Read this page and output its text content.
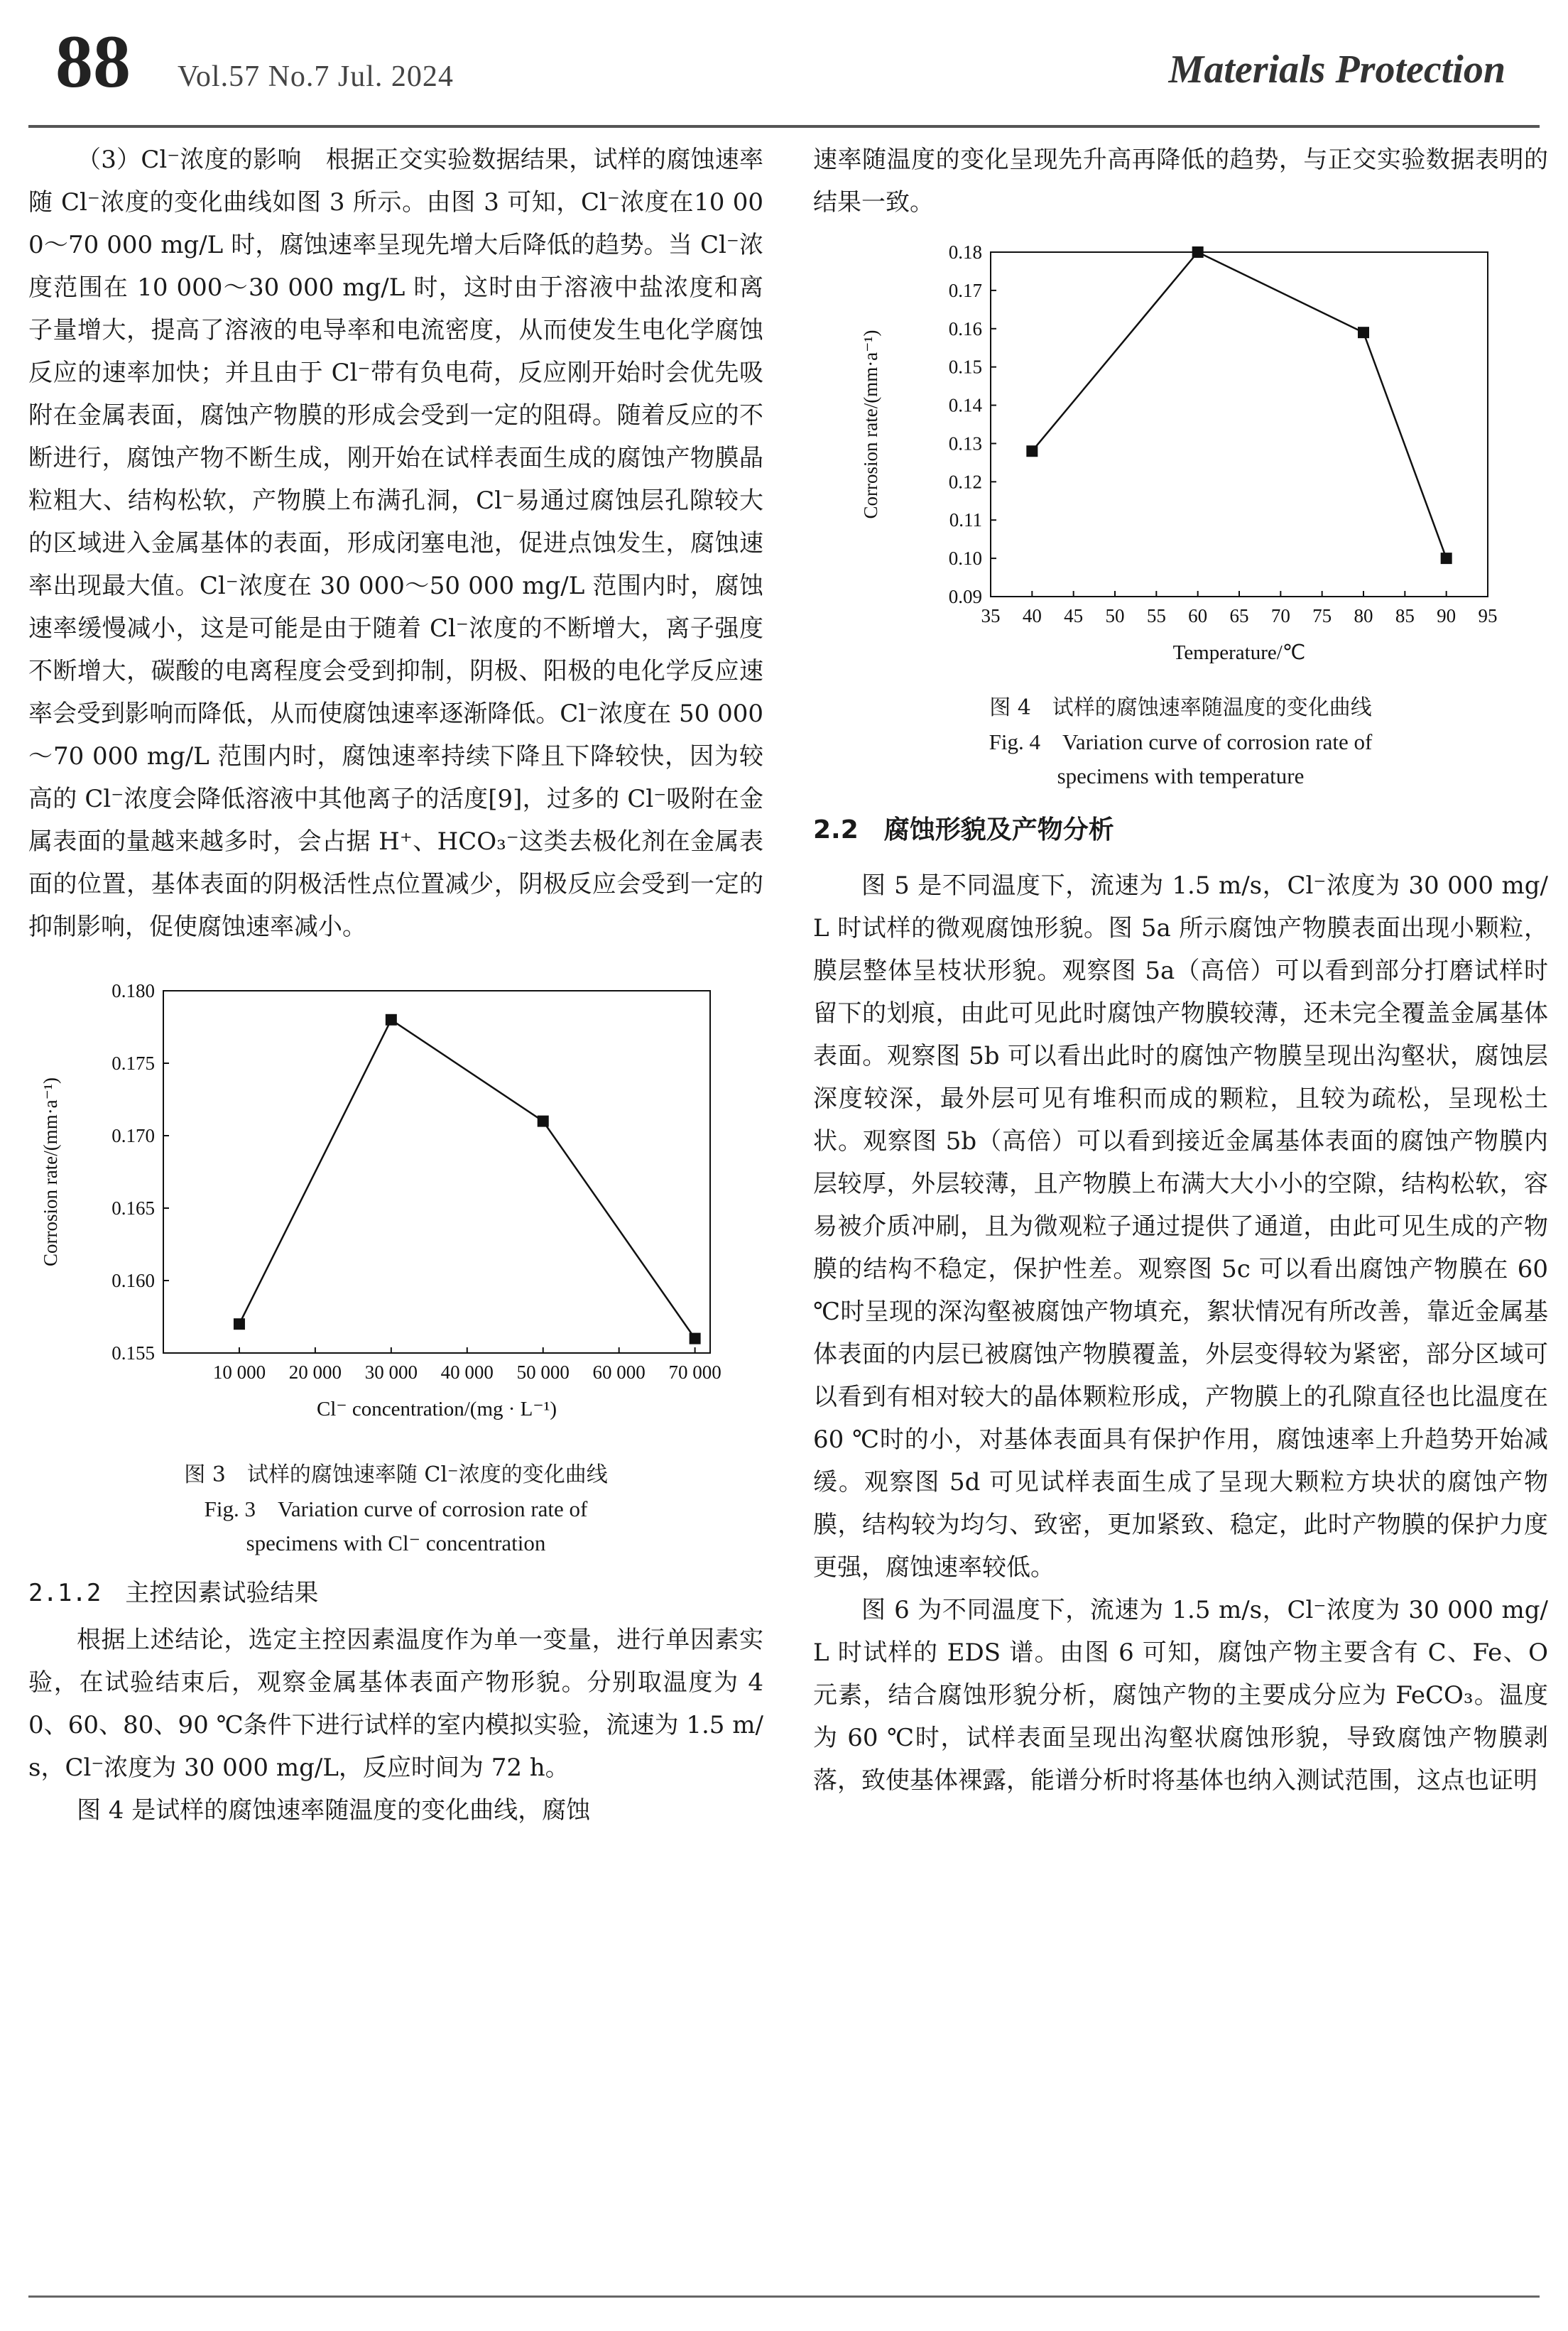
88 Vol.57 No.7 Jul. 2024	Materials Protection

（3）Cl⁻浓度的影响　根据正交实验数据结果，试样的腐蚀速率随 Cl⁻浓度的变化曲线如图 3 所示。由图 3 可知，Cl⁻浓度在10 000～70 000 mg/L 时，腐蚀速率呈现先增大后降低的趋势。当 Cl⁻浓度范围在 10 000～30 000 mg/L 时，这时由于溶液中盐浓度和离子量增大，提高了溶液的电导率和电流密度，从而使发生电化学腐蚀反应的速率加快；并且由于 Cl⁻带有负电荷，反应刚开始时会优先吸附在金属表面，腐蚀产物膜的形成会受到一定的阻碍。随着反应的不断进行，腐蚀产物不断生成，刚开始在试样表面生成的腐蚀产物膜晶粒粗大、结构松软，产物膜上布满孔洞，Cl⁻易通过腐蚀层孔隙较大的区域进入金属基体的表面，形成闭塞电池，促进点蚀发生，腐蚀速率出现最大值。Cl⁻浓度在 30 000～50 000 mg/L 范围内时，腐蚀速率缓慢减小，这是可能是由于随着 Cl⁻浓度的不断增大，离子强度不断增大，碳酸的电离程度会受到抑制，阴极、阳极的电化学反应速率会受到影响而降低，从而使腐蚀速率逐渐降低。Cl⁻浓度在 50 000～70 000 mg/L 范围内时，腐蚀速率持续下降且下降较快，因为较高的 Cl⁻浓度会降低溶液中其他离子的活度[9]，过多的 Cl⁻吸附在金属表面的量越来越多时，会占据 H⁺、HCO₃⁻这类去极化剂在金属表面的位置，基体表面的阴极活性点位置减少，阴极反应会受到一定的抑制影响，促使腐蚀速率减小。

10 000 20 000 30 000 40 000 50 000 60 000 70 000
0.155
0.160
0.165
0.170
0.175
0.180
Cl⁻ concentration/(mg · L⁻¹)
Corrosion rate/(mm·a⁻¹)

图 3　试样的腐蚀速率随 Cl⁻浓度的变化曲线

Fig. 3　Variation curve of corrosion rate of

specimens with Cl⁻ concentration

2.1.2　主控因素试验结果

根据上述结论，选定主控因素温度作为单一变量，进行单因素实验，在试验结束后，观察金属基体表面产物形貌。分别取温度为 40、60、80、90 ℃条件下进行试样的室内模拟实验，流速为 1.5 m/s，Cl⁻浓度为 30 000 mg/L，反应时间为 72 h。

图 4 是试样的腐蚀速率随温度的变化曲线，腐蚀

速率随温度的变化呈现先升高再降低的趋势，与正交实验数据表明的结果一致。

35 40 45 50 55 60 65 70 75 80 85 90 95
0.09
0.10
0.11
0.12
0.13
0.14
0.15
0.16
0.17
0.18
Temperature/℃
Corrosion rate/(mm·a⁻¹)

图 4　试样的腐蚀速率随温度的变化曲线

Fig. 4　Variation curve of corrosion rate of

specimens with temperature

2.2　腐蚀形貌及产物分析

图 5 是不同温度下，流速为 1.5 m/s，Cl⁻浓度为 30 000 mg/L 时试样的微观腐蚀形貌。图 5a 所示腐蚀产物膜表面出现小颗粒，膜层整体呈枝状形貌。观察图 5a（高倍）可以看到部分打磨试样时留下的划痕，由此可见此时腐蚀产物膜较薄，还未完全覆盖金属基体表面。观察图 5b 可以看出此时的腐蚀产物膜呈现出沟壑状，腐蚀层深度较深，最外层可见有堆积而成的颗粒，且较为疏松，呈现松土状。观察图 5b（高倍）可以看到接近金属基体表面的腐蚀产物膜内层较厚，外层较薄，且产物膜上布满大大小小的空隙，结构松软，容易被介质冲刷，且为微观粒子通过提供了通道，由此可见生成的产物膜的结构不稳定，保护性差。观察图 5c 可以看出腐蚀产物膜在 60 ℃时呈现的深沟壑被腐蚀产物填充，絮状情况有所改善，靠近金属基体表面的内层已被腐蚀产物膜覆盖，外层变得较为紧密，部分区域可以看到有相对较大的晶体颗粒形成，产物膜上的孔隙直径也比温度在 60 ℃时的小，对基体表面具有保护作用，腐蚀速率上升趋势开始减缓。观察图 5d 可见试样表面生成了呈现大颗粒方块状的腐蚀产物膜，结构较为均匀、致密，更加紧致、稳定，此时产物膜的保护力度更强，腐蚀速率较低。

图 6 为不同温度下，流速为 1.5 m/s，Cl⁻浓度为 30 000 mg/L 时试样的 EDS 谱。由图 6 可知，腐蚀产物主要含有 C、Fe、O 元素，结合腐蚀形貌分析，腐蚀产物的主要成分应为 FeCO₃。温度为 60 ℃时，试样表面呈现出沟壑状腐蚀形貌，导致腐蚀产物膜剥落，致使基体裸露，能谱分析时将基体也纳入测试范围，这点也证明
